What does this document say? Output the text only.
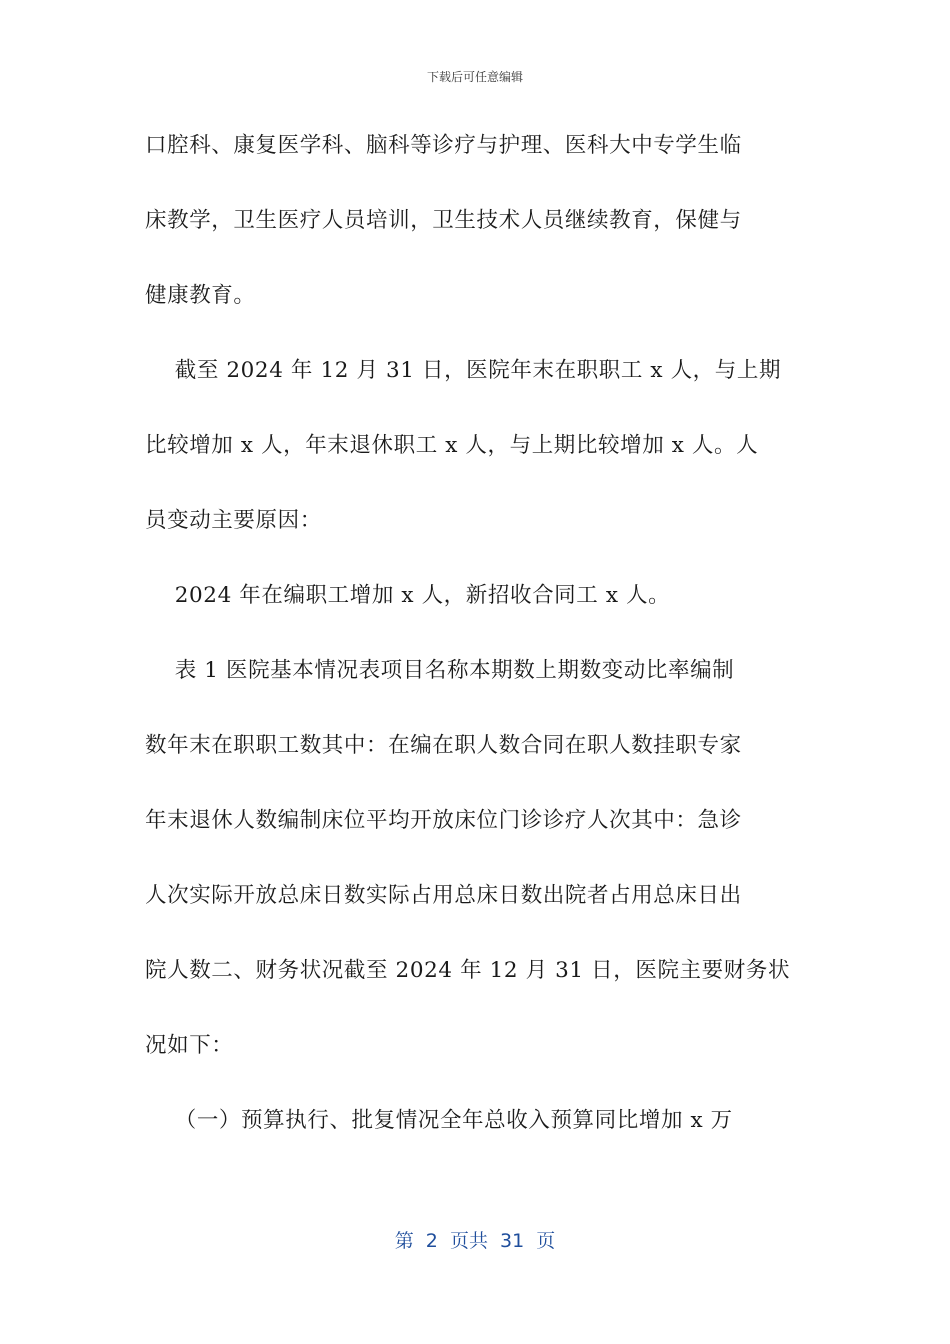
下载后可任意编辑
口腔科、康复医学科、脑科等诊疗与护理、医科大中专学生临
床教学，卫生医疗人员培训，卫生技术人员继续教育，保健与
健康教育。
截至 2024 年 12 月 31 日，医院年末在职职工 x 人，与上期
比较增加 x 人，年末退休职工 x 人，与上期比较增加 x 人。人
员变动主要原因：
2024 年在编职工增加 x 人，新招收合同工 x 人。
表 1 医院基本情况表项目名称本期数上期数变动比率编制
数年末在职职工数其中：在编在职人数合同在职人数挂职专家
年末退休人数编制床位平均开放床位门诊诊疗人次其中：急诊
人次实际开放总床日数实际占用总床日数出院者占用总床日出
院人数二、财务状况截至 2024 年 12 月 31 日，医院主要财务状
况如下：
（一）预算执行、批复情况全年总收入预算同比增加 x 万
第  2  页共  31  页
